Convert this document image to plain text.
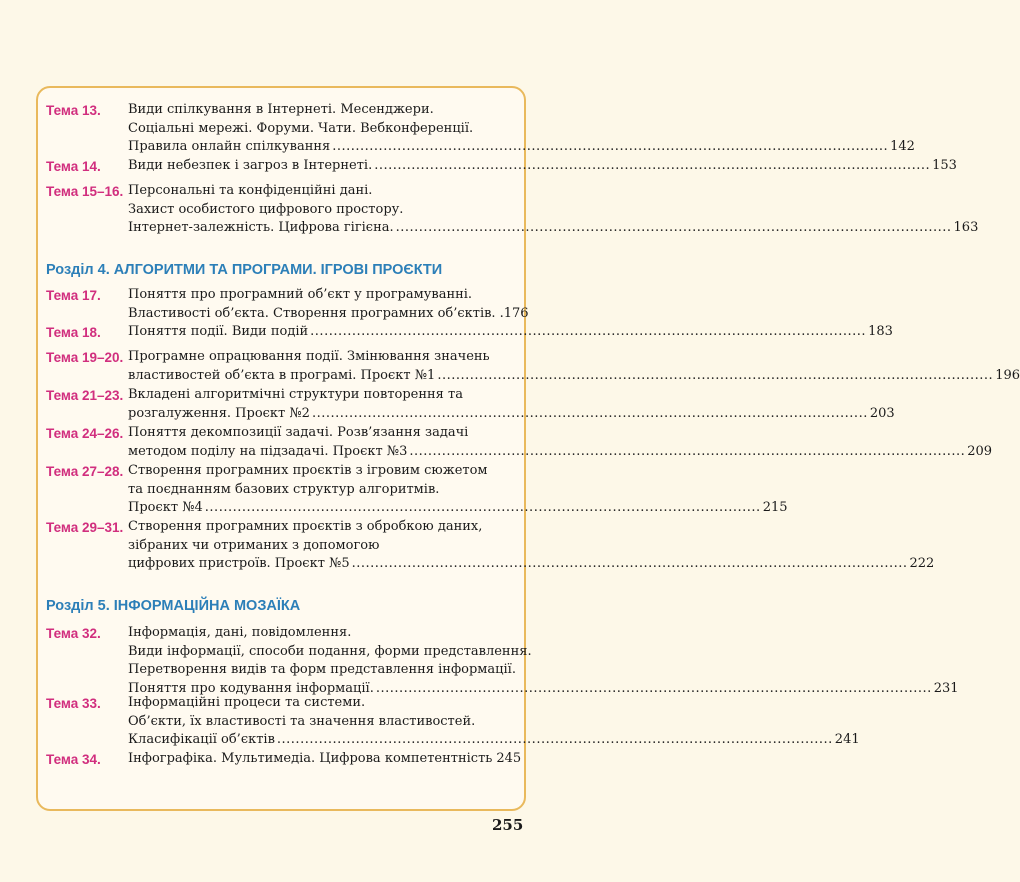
Розділ 4. АЛГОРИТМИ ТА ПРОГРАМИ. ІГРОВІ ПРОЄКТИ
Розділ 5. ІНФОРМАЦІЙНА МОЗАЇКА
Тема 13. Види спілкування в Інтернеті. Месенджери.
Соціальні мережі. Форуми. Чати. Вебконференції.
Правила онлайн спілкування ........................................................................................................................ 142
Тема 14. Види небезпек і загроз в Інтернеті. ........................................................................................................................ 153
Тема 15–16. Персональні та конфіденційні дані.
Захист особистого цифрового простору.
Інтернет-залежність. Цифрова гігієна. ........................................................................................................................ 163
Тема 17. Поняття про програмний об’єкт у програмуванні.
Властивості об’єкта. Створення програмних об’єктів. .176
Тема 18. Поняття події. Види подій ........................................................................................................................ 183
Тема 19–20. Програмне опрацювання події. Змінювання значень
властивостей об’єкта в програмі. Проєкт №1 ........................................................................................................................ 196
Тема 21–23. Вкладені алгоритмічні структури повторення та
розгалуження. Проєкт №2 ........................................................................................................................ 203
Тема 24–26. Поняття декомпозиції задачі. Розв’язання задачі
методом поділу на підзадачі. Проєкт №3 ........................................................................................................................ 209
Тема 27–28. Створення програмних проєктів з ігровим сюжетом
та поєднанням базових структур алгоритмів.
Проєкт №4 ........................................................................................................................ 215
Тема 29–31. Створення програмних проєктів з обробкою даних,
зібраних чи отриманих з допомогою
цифрових пристроїв. Проєкт №5 ........................................................................................................................ 222
Тема 32. Інформація, дані, повідомлення.
Види інформації, способи подання, форми представлення.
Перетворення видів та форм представлення інформації.
Поняття про кодування інформації. ........................................................................................................................ 231
Тема 33. Інформаційні процеси та системи.
Об’єкти, їх властивості та значення властивостей.
Класифікації об’єктів ........................................................................................................................ 241
Тема 34. Інфографіка. Мультимедіа. Цифрова компетентність 245
255
